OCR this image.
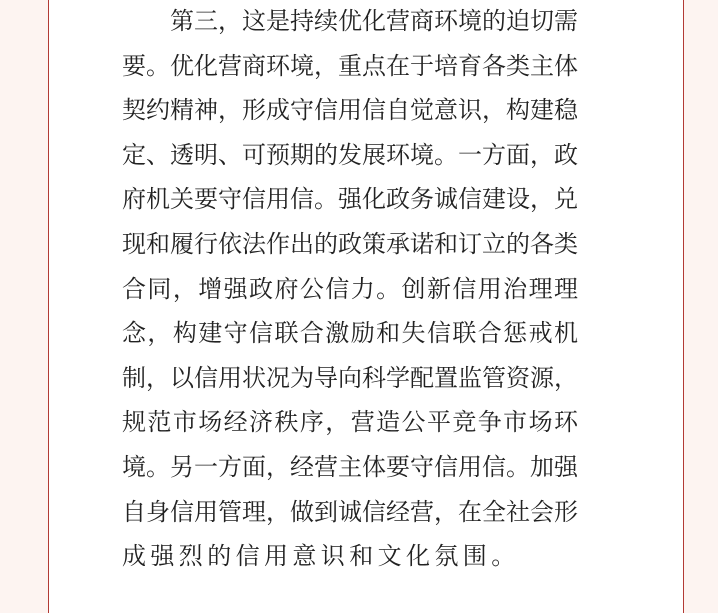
第三，这是持续优化营商环境的迫切需

要。优化营商环境，重点在于培育各类主体

契约精神，形成守信用信自觉意识，构建稳

定、透明、可预期的发展环境。一方面，政

府机关要守信用信。强化政务诚信建设，兑

现和履行依法作出的政策承诺和订立的各类

合同，增强政府公信力。创新信用治理理

念，构建守信联合激励和失信联合惩戒机

制，以信用状况为导向科学配置监管资源，

规范市场经济秩序，营造公平竞争市场环

境。另一方面，经营主体要守信用信。加强

自身信用管理，做到诚信经营，在全社会形

成强烈的信用意识和文化氛围。
